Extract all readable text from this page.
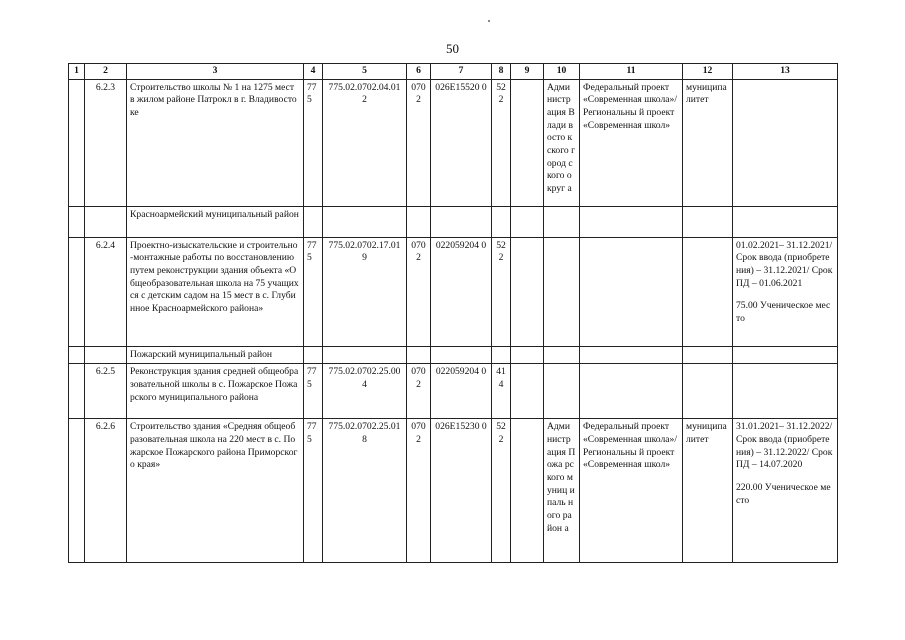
50
1	2	3	4	5	6	7	8	9	10	11	12	13
	6.2.3	Строительство школы № 1 на 1275 мест в жилом районе Патрокл в г. Владивостоке	775	775.02.0702.04.01 2	070 2	026E15520 0	52 2		Адми нистр ация Влади восто кского город ского округ а	Федеральный проект «Современная школа»/Региональны й проект «Современная школ»	муниципа литет	
		Красноармейский муниципальный район										
	6.2.4	Проектно-изыскательские и строительно-монтажные работы по восстановлению путем реконструкции здания объекта «Общеобразовательная школа на 75 учащихся с детским садом на 15 мест в с. Глубинное Красноармейского района»	775	775.02.0702.17.01 9	070 2	022059204 0	52 2					01.02.2021– 31.12.2021/ Срок ввода (приобретения) – 31.12.2021/ Срок ПД – 01.06.2021
75.00 Ученическое место
		Пожарский муниципальный район										
	6.2.5	Реконструкция здания средней общеобразовательной школы в с. Пожарское Пожарского муниципального района	775	775.02.0702.25.00 4	070 2	022059204 0	41 4					
	6.2.6	Строительство здания «Средняя общеобразовательная школа на 220 мест в с. Пожарское Пожарского района Приморского края»	775	775.02.0702.25.01 8	070 2	026E15230 0	52 2		Адми нистр ация Пожа рского муниц ипаль ного район а	Федеральный проект «Современная школа»/Региональны й проект «Современная школ»	муниципа литет	31.01.2021– 31.12.2022/ Срок ввода (приобретения) – 31.12.2022/ Срок ПД – 14.07.2020
220.00 Ученическое место
